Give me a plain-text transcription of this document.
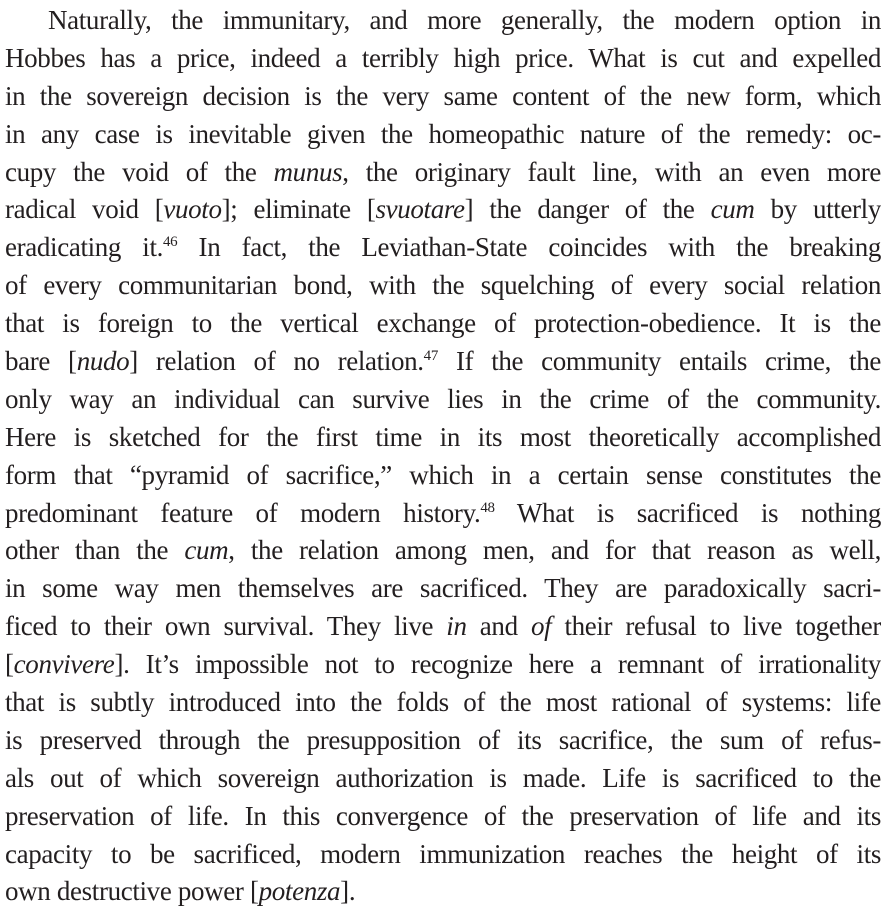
Naturally, the immunitary, and more generally, the modern option in
Hobbes has a price, indeed a terribly high price. What is cut and expelled
in the sovereign decision is the very same content of the new form, which
in any case is inevitable given the homeopathic nature of the remedy: oc-
cupy the void of the munus, the originary fault line, with an even more
radical void [vuoto]; eliminate [svuotare] the danger of the cum by utterly
eradicating it.$^{46}$ In fact, the Leviathan-State coincides with the breaking
of every communitarian bond, with the squelching of every social relation
that is foreign to the vertical exchange of protection-obedience. It is the
bare [nudo] relation of no relation.$^{47}$ If the community entails crime, the
only way an individual can survive lies in the crime of the community.
Here is sketched for the first time in its most theoretically accomplished
form that “pyramid of sacrifice,” which in a certain sense constitutes the
predominant feature of modern history.$^{48}$ What is sacrificed is nothing
other than the cum, the relation among men, and for that reason as well,
in some way men themselves are sacrificed. They are paradoxically sacri-
ficed to their own survival. They live in and of their refusal to live together
[convivere]. It’s impossible not to recognize here a remnant of irrationality
that is subtly introduced into the folds of the most rational of systems: life
is preserved through the presupposition of its sacrifice, the sum of refus-
als out of which sovereign authorization is made. Life is sacrificed to the
preservation of life. In this convergence of the preservation of life and its
capacity to be sacrificed, modern immunization reaches the height of its
own destructive power [potenza].
